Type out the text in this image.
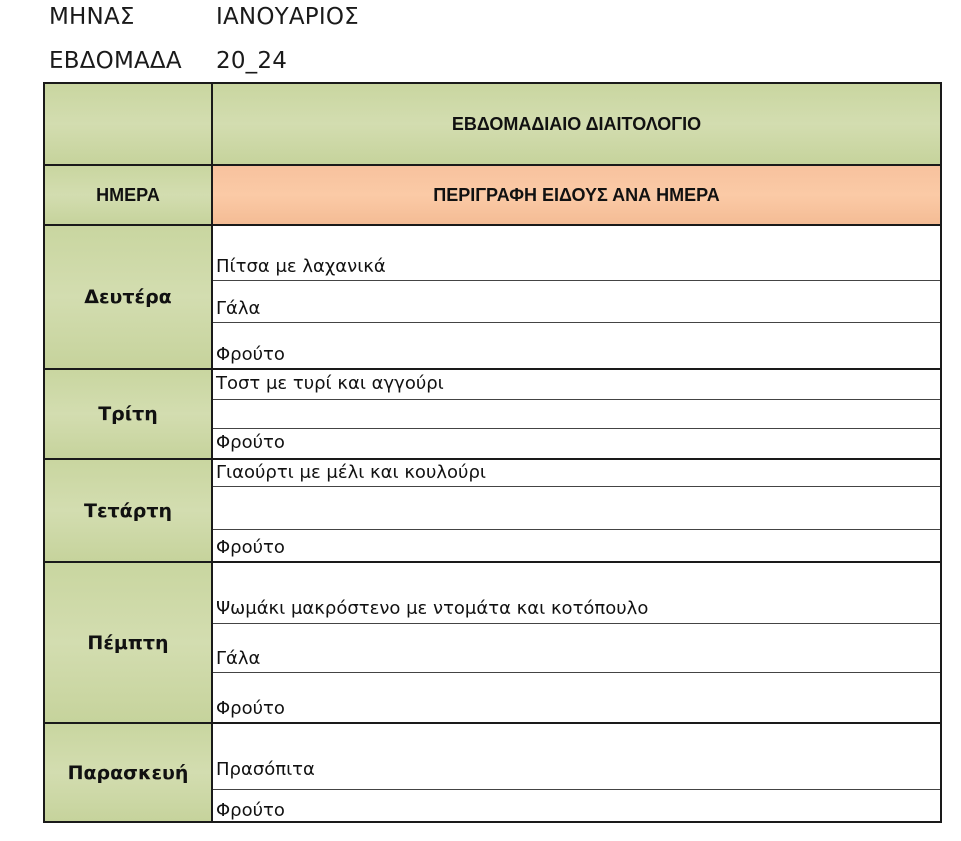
ΜΗΝΑΣ	ΙΑΝΟΥΑΡΙΟΣ
ΕΒΔΟΜΑΔΑ 20_24
ΕΒΔΟΜΑΔΙΑΙΟ ΔΙΑΙΤΟΛΟΓΙΟ
ΗΜΕΡΑ	ΠΕΡΙΓΡΑΦΗ ΕΙΔΟΥΣ ΑΝΑ ΗΜΕΡΑ
Δευτέρα
Τρίτη
Τετάρτη
Πέμπτη
Παρασκευή
Πίτσα με λαχανικά
Γάλα
Φρούτο
Τοστ με τυρί και αγγούρι
Φρούτο
Γιαούρτι με μέλι και κουλούρι
Φρούτο
Ψωμάκι μακρόστενο με ντομάτα και κοτόπουλο
Γάλα
Φρούτο
Πρασόπιτα
Φρούτο
